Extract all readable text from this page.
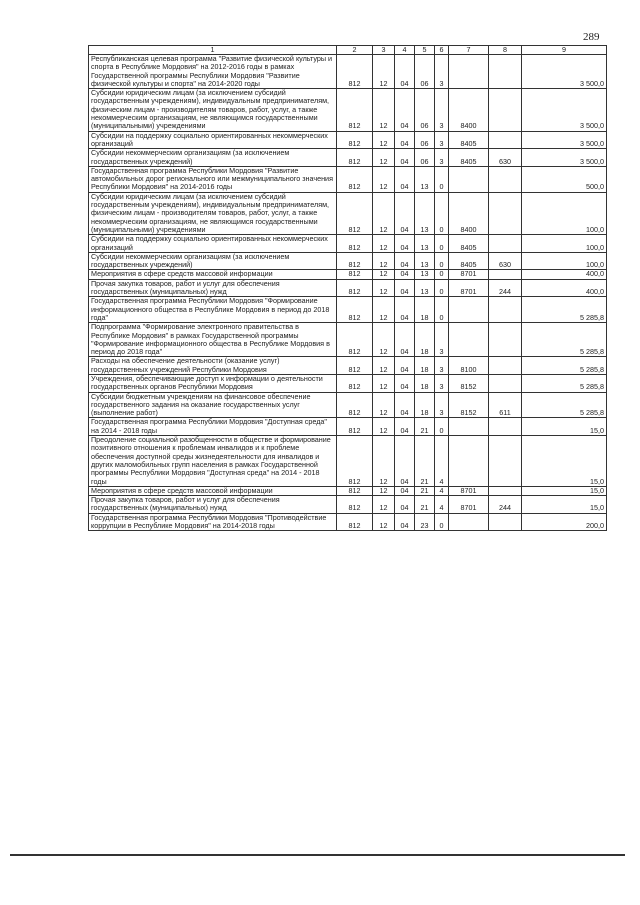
289
1	2	3	4	5	6	7	8	9
Республиканская целевая программа "Развитие физической культуры и спорта в Республике Мордовия" на 2012-2016 годы в рамках Государственной программы Республики Мордовия "Развитие физической культуры и спорта" на 2014-2020 годы	812	12	04	06	3			3 500,0
Субсидии юридическим лицам (за исключением субсидий государственным учреждениям), индивидуальным предпринимателям, физическим лицам - производителям товаров, работ, услуг, а также некоммерческим организациям, не являющимся государственными (муниципальными) учреждениями	812	12	04	06	3	8400		3 500,0
Субсидии на поддержку социально ориентированных некоммерческих организаций	812	12	04	06	3	8405		3 500,0
Субсидии некоммерческим организациям (за исключением государственных учреждений)	812	12	04	06	3	8405	630	3 500,0
Государственная программа Республики Мордовия "Развитие автомобильных дорог регионального или межмуниципального значения Республики Мордовия" на 2014-2016 годы	812	12	04	13	0			500,0
Субсидии юридическим лицам (за исключением субсидий государственным учреждениям), индивидуальным предпринимателям, физическим лицам - производителям товаров, работ, услуг, а также некоммерческим организациям, не являющимся государственными (муниципальными) учреждениями	812	12	04	13	0	8400		100,0
Субсидии на поддержку социально ориентированных некоммерческих организаций	812	12	04	13	0	8405		100,0
Субсидии некоммерческим организациям (за исключением государственных учреждений)	812	12	04	13	0	8405	630	100,0
Мероприятия в сфере средств массовой информации	812	12	04	13	0	8701		400,0
Прочая закупка товаров, работ и услуг для обеспечения государственных (муниципальных) нужд	812	12	04	13	0	8701	244	400,0
Государственная программа Республики Мордовия "Формирование информационного общества в Республике Мордовия в период до 2018 года"	812	12	04	18	0			5 285,8
Подпрограмма "Формирование электронного правительства в Республике Мордовия" в рамках Государственной программы "Формирование информационного общества в Республике Мордовия в период до 2018 года"	812	12	04	18	3			5 285,8
Расходы на обеспечение деятельности (оказание услуг) государственных учреждений Республики Мордовия	812	12	04	18	3	8100		5 285,8
Учреждения, обеспечивающие доступ к информации о деятельности государственных органов Республики Мордовия	812	12	04	18	3	8152		5 285,8
Субсидии бюджетным учреждениям на финансовое обеспечение государственного задания на оказание государственных услуг (выполнение работ)	812	12	04	18	3	8152	611	5 285,8
Государственная программа Республики Мордовия "Доступная среда" на 2014 - 2018 годы	812	12	04	21	0			15,0
Преодоление социальной разобщенности в обществе и формирование позитивного отношения к проблемам инвалидов и к проблеме обеспечения доступной среды жизнедеятельности для инвалидов и других маломобильных групп населения в рамках Государственной программы Республики Мордовия "Доступная среда" на 2014 - 2018 годы	812	12	04	21	4			15,0
Мероприятия в сфере средств массовой информации	812	12	04	21	4	8701		15,0
Прочая закупка товаров, работ и услуг для обеспечения государственных (муниципальных) нужд	812	12	04	21	4	8701	244	15,0
Государственная программа Республики Мордовия "Противодействие коррупции в Республике Мордовия" на 2014-2018 годы	812	12	04	23	0			200,0
